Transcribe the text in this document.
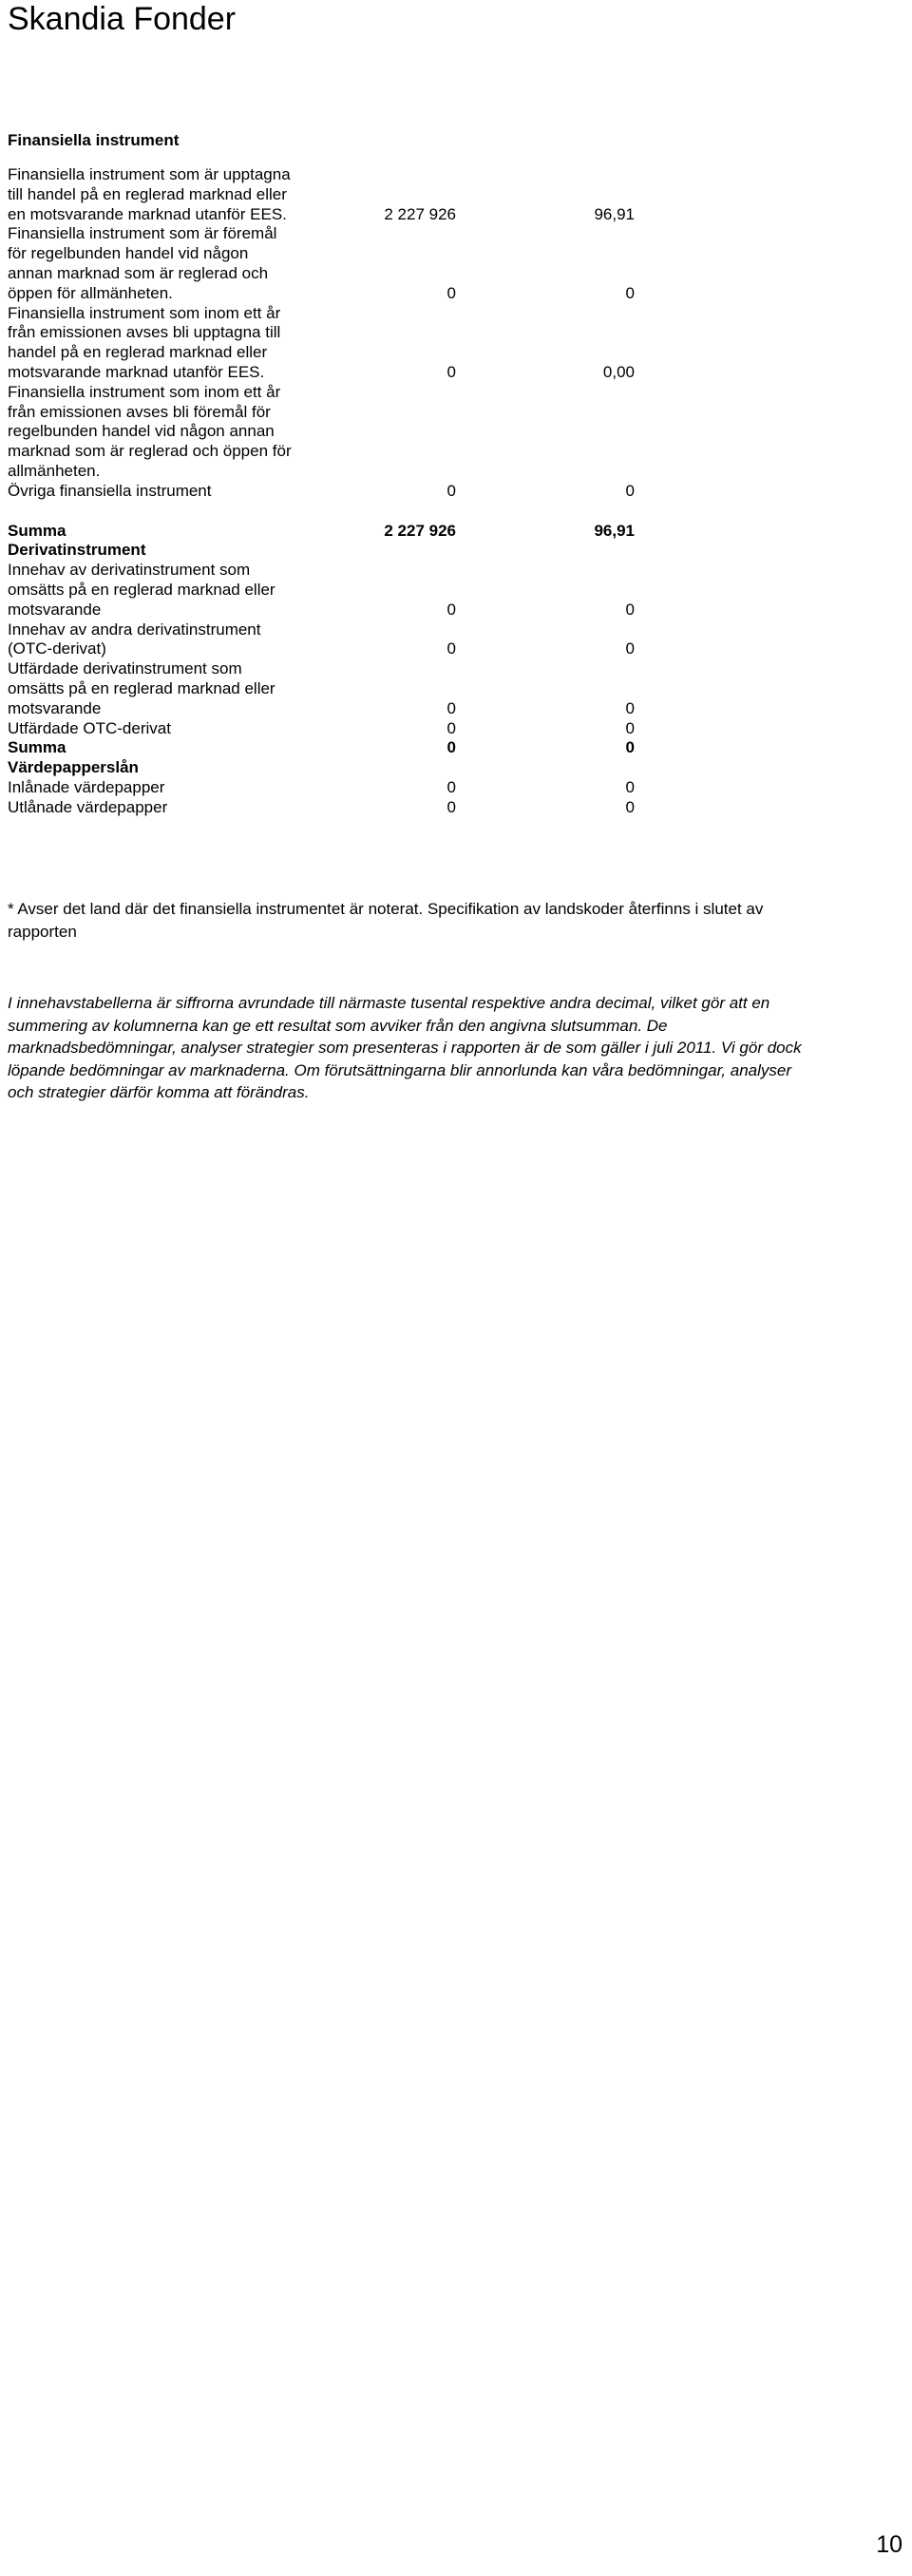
Skandia Fonder
Finansiella instrument
Finansiella instrument som är upptagna till handel på en reglerad marknad eller en motsvarande marknad utanför EES.	2 227 926	96,91
Finansiella instrument som är föremål för regelbunden handel vid någon annan marknad som är reglerad och öppen för allmänheten.	0	0
Finansiella instrument som inom ett år från emissionen avses bli upptagna till handel på en reglerad marknad eller motsvarande marknad utanför EES.	0	0,00
Finansiella instrument som inom ett år från emissionen avses bli föremål för regelbunden handel vid någon annan marknad som är reglerad och öppen för allmänheten.
Övriga finansiella instrument	0	0
Summa	2 227 926	96,91
Derivatinstrument
Innehav av derivatinstrument som omsätts på en reglerad marknad eller motsvarande	0	0
Innehav av andra derivatinstrument (OTC-derivat)	0	0
Utfärdade derivatinstrument som omsätts på en reglerad marknad eller motsvarande	0	0
Utfärdade OTC-derivat	0	0
Summa	0	0
Värdepapperslån
Inlånade värdepapper	0	0
Utlånade värdepapper	0	0
* Avser det land där det finansiella instrumentet är noterat. Specifikation av landskoder återfinns i slutet av rapporten
I innehavstabellerna är siffrorna avrundade till närmaste tusental respektive andra decimal, vilket gör att en summering av kolumnerna kan ge ett resultat som avviker från den angivna slutsumman. De marknadsbedömningar, analyser strategier som presenteras i rapporten är de som gäller i juli 2011. Vi gör dock löpande bedömningar av marknaderna. Om förutsättningarna blir annorlunda kan våra bedömningar, analyser och strategier därför komma att förändras.
10
